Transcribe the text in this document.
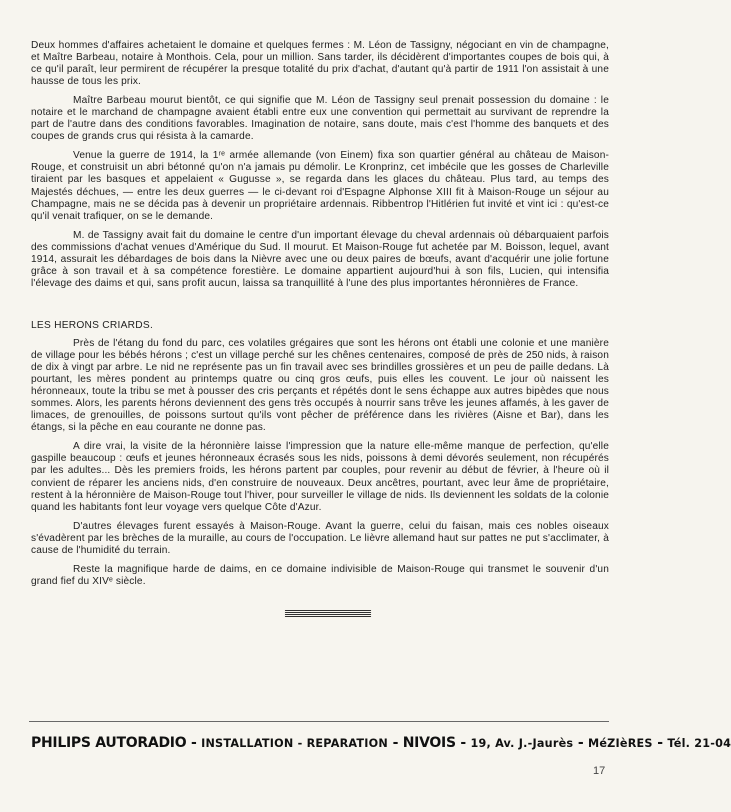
Deux hommes d'affaires achetaient le domaine et quelques fermes : M. Léon de Tassigny, négociant en vin de champagne, et Maître Barbeau, notaire à Monthois. Cela, pour un million. Sans tarder, ils décidèrent d'importantes coupes de bois qui, à ce qu'il paraît, leur permirent de récupérer la presque totalité du prix d'achat, d'autant qu'à partir de 1911 l'on assistait à une hausse de tous les prix.

Maître Barbeau mourut bientôt, ce qui signifie que M. Léon de Tassigny seul prenait possession du domaine : le notaire et le marchand de champagne avaient établi entre eux une convention qui permettait au survivant de reprendre la part de l'autre dans des conditions favorables. Imagination de notaire, sans doute, mais c'est l'homme des banquets et des coupes de grands crus qui résista à la camarde.

Venue la guerre de 1914, la 1ʳᵉ armée allemande (von Einem) fixa son quartier général au château de Maison-Rouge, et construisit un abri bétonné qu'on n'a jamais pu démolir. Le Kronprinz, cet imbécile que les gosses de Charleville tiraient par les basques et appelaient « Gugusse », se regarda dans les glaces du château. Plus tard, au temps des Majestés déchues, — entre les deux guerres — le ci-devant roi d'Espagne Alphonse XIII fit à Maison-Rouge un séjour au Champagne, mais ne se décida pas à devenir un propriétaire ardennais. Ribbentrop l'Hitlérien fut invité et vint ici : qu'est-ce qu'il venait trafiquer, on se le demande.

M. de Tassigny avait fait du domaine le centre d'un important élevage du cheval ardennais où débarquaient parfois des commissions d'achat venues d'Amérique du Sud. Il mourut. Et Maison-Rouge fut achetée par M. Boisson, lequel, avant 1914, assurait les débardages de bois dans la Nièvre avec une ou deux paires de bœufs, avant d'acquérir une jolie fortune grâce à son travail et à sa compétence forestière. Le domaine appartient aujourd'hui à son fils, Lucien, qui intensifia l'élevage des daims et qui, sans profit aucun, laissa sa tranquillité à l'une des plus importantes héronnières de France.

LES HERONS CRIARDS.

Près de l'étang du fond du parc, ces volatiles grégaires que sont les hérons ont établi une colonie et une manière de village pour les bébés hérons ; c'est un village perché sur les chênes centenaires, composé de près de 250 nids, à raison de dix à vingt par arbre. Le nid ne représente pas un fin travail avec ses brindilles grossières et un peu de paille dedans. Là pourtant, les mères pondent au printemps quatre ou cinq gros œufs, puis elles les couvent. Le jour où naissent les héronneaux, toute la tribu se met à pousser des cris perçants et répétés dont le sens échappe aux autres bipèdes que nous sommes. Alors, les parents hérons deviennent des gens très occupés à nourrir sans trêve les jeunes affamés, à les gaver de limaces, de grenouilles, de poissons surtout qu'ils vont pêcher de préférence dans les rivières (Aisne et Bar), dans les étangs, si la pêche en eau courante ne donne pas.

A dire vrai, la visite de la héronnière laisse l'impression que la nature elle-même manque de perfection, qu'elle gaspille beaucoup : œufs et jeunes héronneaux écrasés sous les nids, poissons à demi dévorés seulement, non récupérés par les adultes... Dès les premiers froids, les hérons partent par couples, pour revenir au début de février, à l'heure où il convient de réparer les anciens nids, d'en construire de nouveaux. Deux ancêtres, pourtant, avec leur âme de propriétaire, restent à la héronnière de Maison-Rouge tout l'hiver, pour surveiller le village de nids. Ils deviennent les soldats de la colonie quand les habitants font leur voyage vers quelque Côte d'Azur.

D'autres élevages furent essayés à Maison-Rouge. Avant la guerre, celui du faisan, mais ces nobles oiseaux s'évadèrent par les brèches de la muraille, au cours de l'occupation. Le lièvre allemand haut sur pattes ne put s'acclimater, à cause de l'humidité du terrain.

Reste la magnifique harde de daims, en ce domaine indivisible de Maison-Rouge qui transmet le souvenir d'un grand fief du XIVᵉ siècle.

PHILIPS AUTORADIO - INSTALLATION - REPARATION - NIVOIS - 19, Av. J.-Jaurès - MéZIèRES - Tél. 21-04
17
